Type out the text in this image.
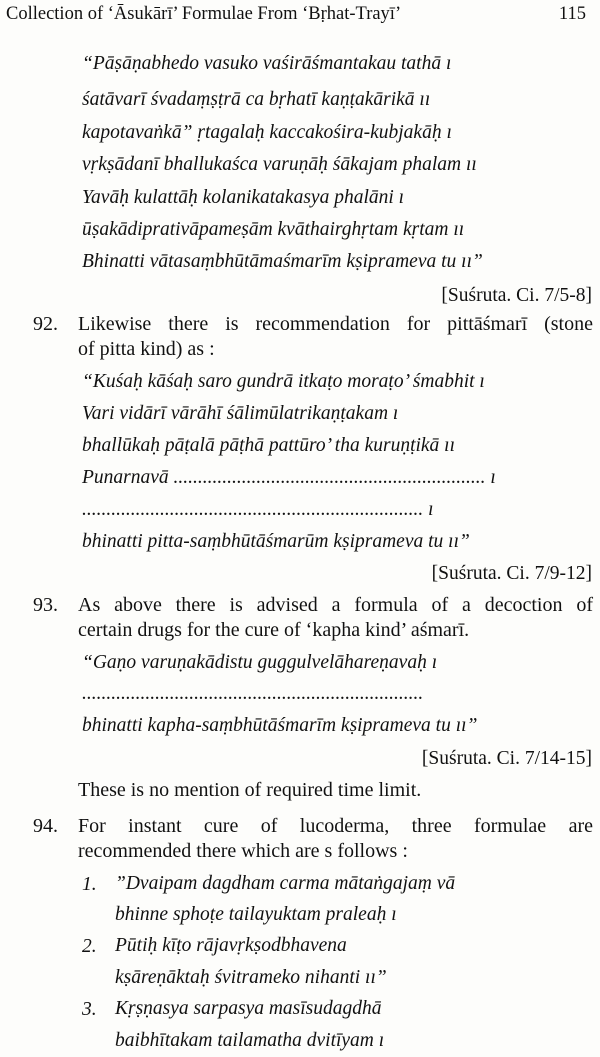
Collection of ‘Āsukārī’ Formulae From ‘Bṛhat-Trayī’	115
“Pāṣāṇabhedo vasuko vaśirāśmantakau tathā ı
śatāvarī śvadaṃṣṭrā ca bṛhatī kaṇṭakārikā ıı
kapotavaṅkā” ṛtagalaḥ kaccakośira-kubjakāḥ ı
vṛkṣādanī bhallukaśca varuṇāḥ śākajam phalam ıı
Yavāḥ kulattāḥ kolanikatakasya phalāni ı
ūṣakādiprativāpameṣām kvāthairghṛtam kṛtam ıı
Bhinatti vātasaṃbhūtāmaśmarīm kṣiprameva tu ıı”
[Suśruta. Ci. 7/5-8]
92. Likewise there is recommendation for pittāśmarī (stone
of pitta kind) as :
“Kuśaḥ kāśaḥ saro gundrā itkaṭo moraṭo’ śmabhit ı
Vari vidārī vārāhī śālimūlatrikaṇṭakam ı
bhallūkaḥ pāṭalā pāṭhā pattūro’ tha kuruṇṭikā ıı
Punarnavā ................................................................ ı
...................................................................... ı
bhinatti pitta-saṃbhūtāśmarūm kṣiprameva tu ıı”
[Suśruta. Ci. 7/9-12]
93. As above there is advised a formula of a decoction of
certain drugs for the cure of ‘kapha kind’ aśmarī.
“Gaṇo varuṇakādistu guggulvelāhareṇavaḥ ı
......................................................................
bhinatti kapha-saṃbhūtāśmarīm kṣiprameva tu ıı”
[Suśruta. Ci. 7/14-15]
These is no mention of required time limit.
94. For instant cure of lucoderma, three formulae are
recommended there which are s follows :
1. ”Dvaipam dagdham carma mātaṅgajaṃ vā
bhinne sphoṭe tailayuktam praleaḥ ı
2. Pūtiḥ kīṭo rājavṛkṣodbhavena
kṣāreṇāktaḥ śvitrameko nihanti ıı”
3. Kṛṣṇasya sarpasya masīsudagdhā
baibhītakam tailamatha dvitīyam ı
